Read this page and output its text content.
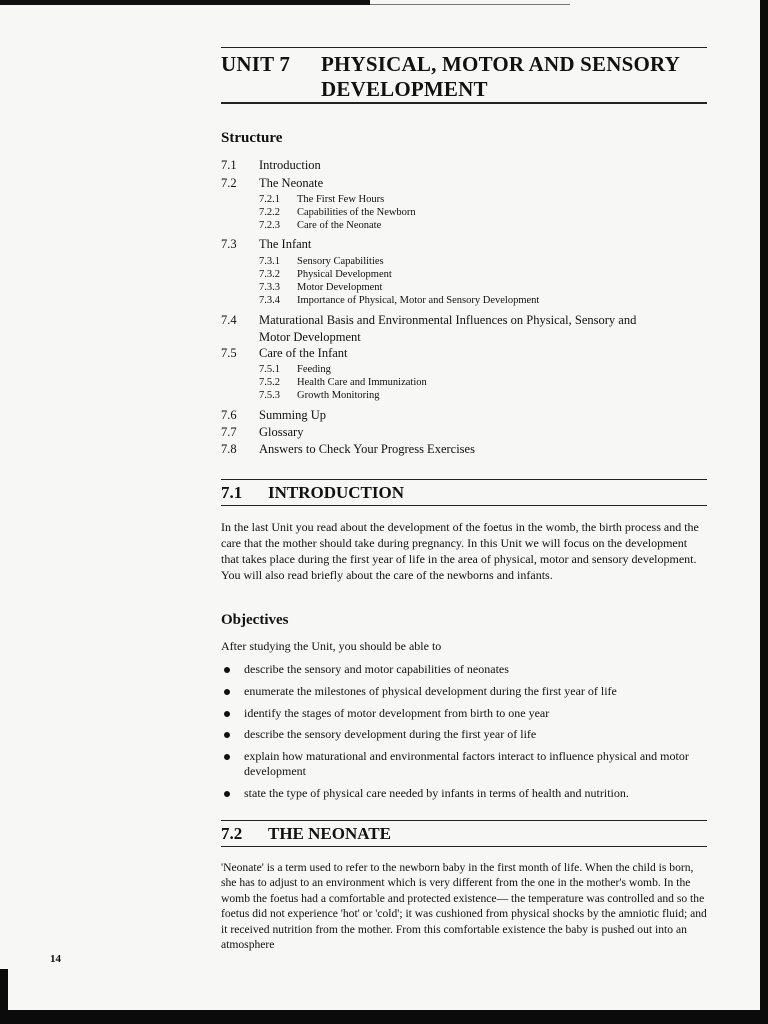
UNIT 7	PHYSICAL, MOTOR AND SENSORY
DEVELOPMENT
Structure
7.1 Introduction
7.2 The Neonate
7.2.1 The First Few Hours
7.2.2 Capabilities of the Newborn
7.2.3 Care of the Neonate
7.3 The Infant
7.3.1 Sensory Capabilities
7.3.2 Physical Development
7.3.3 Motor Development
7.3.4 Importance of Physical, Motor and Sensory Development
7.4 Maturational Basis and Environmental Influences on Physical, Sensory and
Motor Development
7.5 Care of the Infant
7.5.1 Feeding
7.5.2 Health Care and Immunization
7.5.3 Growth Monitoring
7.6 Summing Up
7.7 Glossary
7.8 Answers to Check Your Progress Exercises
7.1 INTRODUCTION
In the last Unit you read about the development of the foetus in the womb, the birth process and the care that the mother should take during pregnancy. In this Unit we will focus on the development that takes place during the first year of life in the area of physical, motor and sensory development. You will also read briefly about the care of the newborns and infants.
Objectives
After studying the Unit, you should be able to
describe the sensory and motor capabilities of neonates
enumerate the milestones of physical development during the first year of life
identify the stages of motor development from birth to one year
describe the sensory development during the first year of life
explain how maturational and environmental factors interact to influence physical and motor development
state the type of physical care needed by infants in terms of health and nutrition.
7.2 THE NEONATE
'Neonate' is a term used to refer to the newborn baby in the first month of life. When the child is born, she has to adjust to an environment which is very different from the one in the mother's womb. In the womb the foetus had a comfortable and protected existence— the temperature was controlled and so the foetus did not experience 'hot' or 'cold'; it was cushioned from physical shocks by the amniotic fluid; and it received nutrition from the mother. From this comfortable existence the baby is pushed out into an atmosphere
14
